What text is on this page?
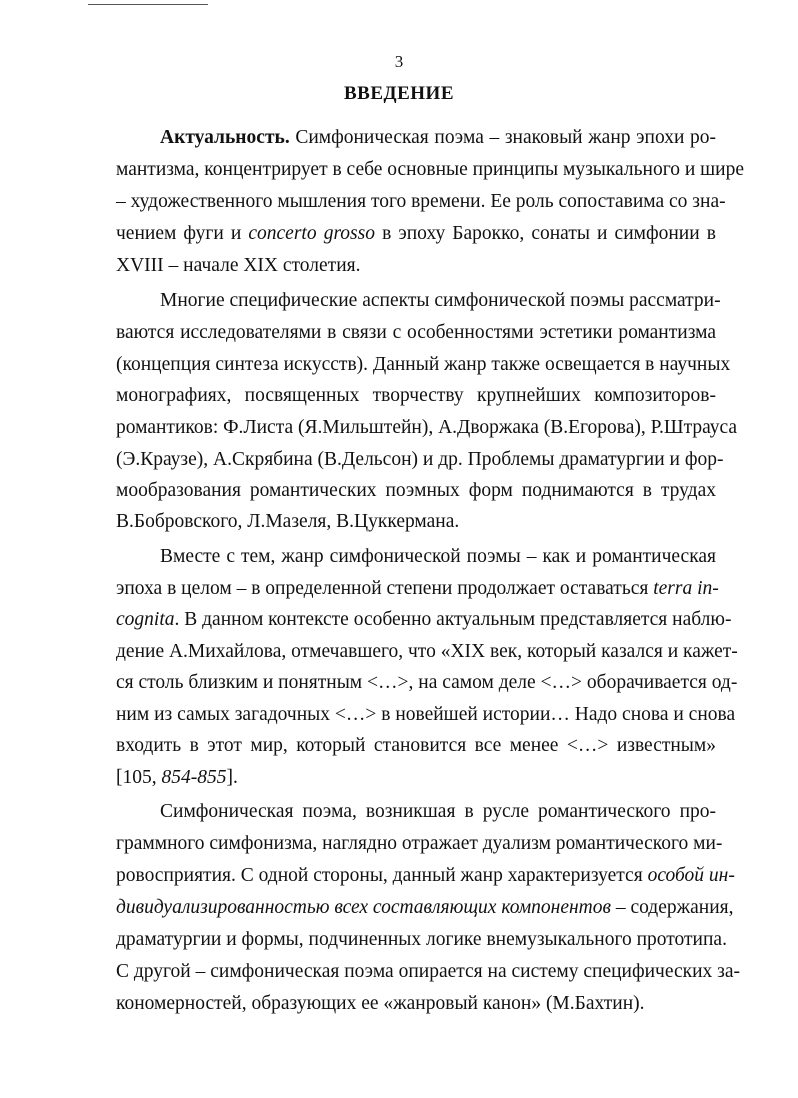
3
ВВЕДЕНИЕ
Актуальность. Симфоническая поэма – знаковый жанр эпохи ро-
мантизма, концентрирует в себе основные принципы музыкального и шире
– художественного мышления того времени. Ее роль сопоставима со зна-
чением фуги и concerto grosso в эпоху Барокко, сонаты и симфонии в
XVIII – начале XIX столетия.
Многие специфические аспекты симфонической поэмы рассматри-
ваются исследователями в связи с особенностями эстетики романтизма
(концепция синтеза искусств). Данный жанр также освещается в научных
монографиях, посвященных творчеству крупнейших композиторов-
романтиков: Ф.Листа (Я.Мильштейн), А.Дворжака (В.Егорова), Р.Штрауса
(Э.Краузе), А.Скрябина (В.Дельсон) и др. Проблемы драматургии и фор-
мообразования романтических поэмных форм поднимаются в трудах
В.Бобровского, Л.Мазеля, В.Цуккермана.
Вместе с тем, жанр симфонической поэмы – как и романтическая
эпоха в целом – в определенной степени продолжает оставаться terra in-
cognita. В данном контексте особенно актуальным представляется наблю-
дение А.Михайлова, отмечавшего, что «XIX век, который казался и кажет-
ся столь близким и понятным <…>, на самом деле <…> оборачивается од-
ним из самых загадочных <…> в новейшей истории… Надо снова и снова
входить в этот мир, который становится все менее <…> известным»
[105, 854-855].
Симфоническая поэма, возникшая в русле романтического про-
граммного симфонизма, наглядно отражает дуализм романтического ми-
ровосприятия. С одной стороны, данный жанр характеризуется особой ин-
дивидуализированностью всех составляющих компонентов – содержания,
драматургии и формы, подчиненных логике внемузыкального прототипа.
С другой – симфоническая поэма опирается на систему специфических за-
кономерностей, образующих ее «жанровый канон» (М.Бахтин).
